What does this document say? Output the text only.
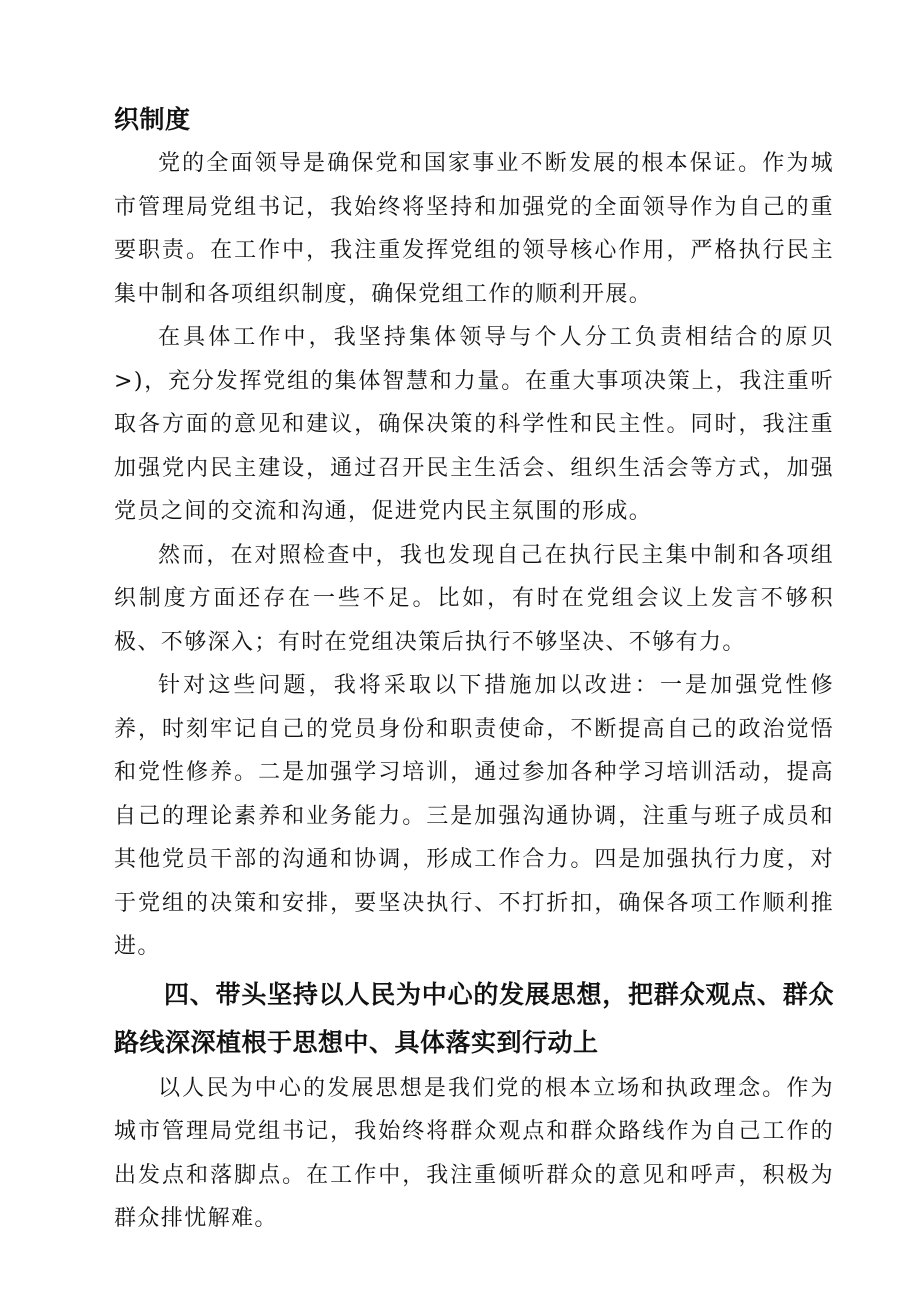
织制度

党的全面领导是确保党和国家事业不断发展的根本保证。作为城市管理局党组书记，我始终将坚持和加强党的全面领导作为自己的重要职责。在工作中，我注重发挥党组的领导核心作用，严格执行民主集中制和各项组织制度，确保党组工作的顺利开展。

在具体工作中，我坚持集体领导与个人分工负责相结合的原贝>)，充分发挥党组的集体智慧和力量。在重大事项决策上，我注重听取各方面的意见和建议，确保决策的科学性和民主性。同时，我注重加强党内民主建设，通过召开民主生活会、组织生活会等方式，加强党员之间的交流和沟通，促进党内民主氛围的形成。

然而，在对照检查中，我也发现自己在执行民主集中制和各项组织制度方面还存在一些不足。比如，有时在党组会议上发言不够积极、不够深入；有时在党组决策后执行不够坚决、不够有力。

针对这些问题，我将采取以下措施加以改进：一是加强党性修养，时刻牢记自己的党员身份和职责使命，不断提高自己的政治觉悟和党性修养。二是加强学习培训，通过参加各种学习培训活动，提高自己的理论素养和业务能力。三是加强沟通协调，注重与班子成员和其他党员干部的沟通和协调，形成工作合力。四是加强执行力度，对于党组的决策和安排，要坚决执行、不打折扣，确保各项工作顺利推进。

四、带头坚持以人民为中心的发展思想，把群众观点、群众路线深深植根于思想中、具体落实到行动上

以人民为中心的发展思想是我们党的根本立场和执政理念。作为城市管理局党组书记，我始终将群众观点和群众路线作为自己工作的出发点和落脚点。在工作中，我注重倾听群众的意见和呼声，积极为群众排忧解难。
